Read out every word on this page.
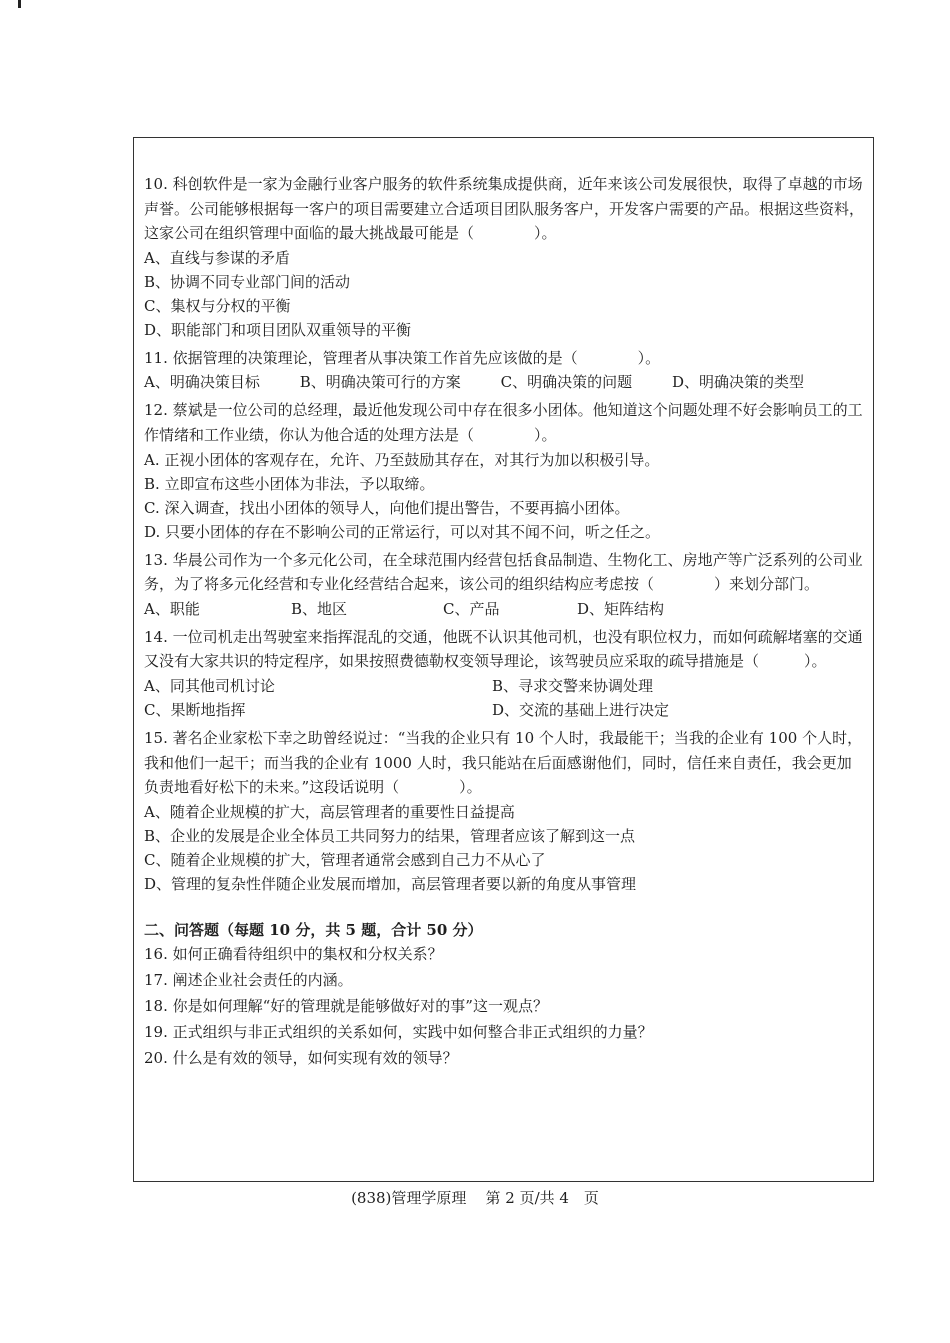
10. 科创软件是一家为金融行业客户服务的软件系统集成提供商，近年来该公司发展很快，取得了卓越的市场声誉。公司能够根据每一客户的项目需要建立合适项目团队服务客户，开发客户需要的产品。根据这些资料，这家公司在组织管理中面临的最大挑战最可能是（　　　　）。

A、直线与参谋的矛盾

B、协调不同专业部门间的活动

C、集权与分权的平衡

D、职能部门和项目团队双重领导的平衡

11. 依据管理的决策理论，管理者从事决策工作首先应该做的是（　　　　）。

A、明确决策目标	B、明确决策可行的方案	C、明确决策的问题	D、明确决策的类型

12. 蔡斌是一位公司的总经理，最近他发现公司中存在很多小团体。他知道这个问题处理不好会影响员工的工作情绪和工作业绩，你认为他合适的处理方法是（　　　　）。

A. 正视小团体的客观存在，允许、乃至鼓励其存在，对其行为加以积极引导。

B. 立即宣布这些小团体为非法，予以取缔。

C. 深入调查，找出小团体的领导人，向他们提出警告，不要再搞小团体。

D. 只要小团体的存在不影响公司的正常运行，可以对其不闻不问，听之任之。

13. 华晨公司作为一个多元化公司，在全球范围内经营包括食品制造、生物化工、房地产等广泛系列的公司业务，为了将多元化经营和专业化经营结合起来，该公司的组织结构应考虑按（　　　　）来划分部门。

A、职能	B、地区	C、产品	D、矩阵结构

14. 一位司机走出驾驶室来指挥混乱的交通，他既不认识其他司机，也没有职位权力，而如何疏解堵塞的交通又没有大家共识的特定程序，如果按照费德勒权变领导理论，该驾驶员应采取的疏导措施是（　　　）。

A、同其他司机讨论	B、寻求交警来协调处理
C、果断地指挥	D、交流的基础上进行决定

15. 著名企业家松下幸之助曾经说过：“当我的企业只有 10 个人时，我最能干；当我的企业有 100 个人时，我和他们一起干；而当我的企业有 1000 人时，我只能站在后面感谢他们，同时，信任来自责任，我会更加负责地看好松下的未来。”这段话说明（　　　　）。

A、随着企业规模的扩大，高层管理者的重要性日益提高

B、企业的发展是企业全体员工共同努力的结果，管理者应该了解到这一点

C、随着企业规模的扩大，管理者通常会感到自己力不从心了

D、管理的复杂性伴随企业发展而增加，高层管理者要以新的角度从事管理

二、问答题（每题 10 分，共 5 题，合计 50 分）

16. 如何正确看待组织中的集权和分权关系？

17. 阐述企业社会责任的内涵。

18. 你是如何理解“好的管理就是能够做好对的事”这一观点？

19. 正式组织与非正式组织的关系如何，实践中如何整合非正式组织的力量？

20. 什么是有效的领导，如何实现有效的领导？

(838)管理学原理 第 2 页/共 4　页
